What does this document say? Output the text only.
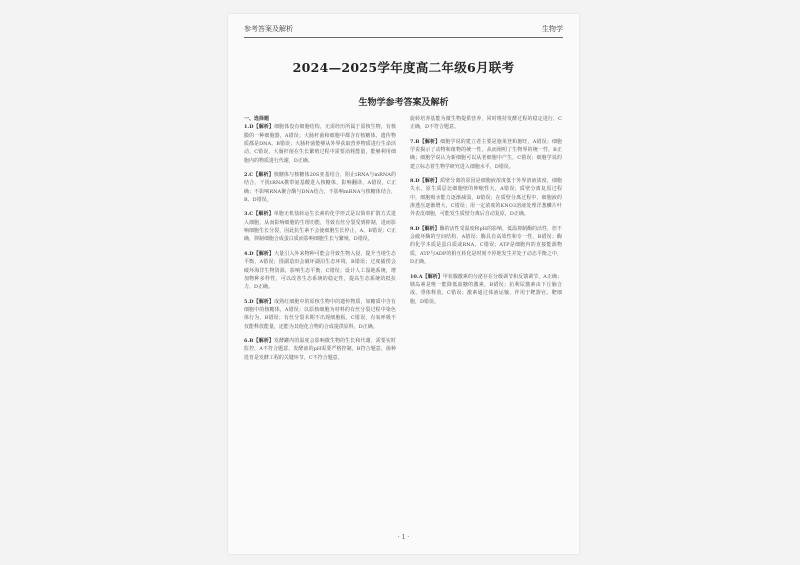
参考答案及解析	生物学
2024—2025学年度高二年级6月联考
生物学参考答案及解析
一、选择题
1.D【解析】细胞体没有细胞结构，无需经历所属于原核生物，有核膜的一种细胞器，A错误；大肠杆菌和细胞中都含有核糖体，遗传物质都是DNA，B错误；大肠杆菌能够从外界获取营养物质进行生命活动，C错误，大肠杆菌在生长繁殖过程中需要消耗能量，能够利用细胞内的物质进行代谢，D正确。
2.C【解析】核糖体与核糖体20S亚基结合，阻止tRNA与mRNA的结合，干扰tRNA携带氨基酸进入核糖体，影响翻译，A错误，C正确；不影响RNA聚合酶与DNA结合，不影响mRNA与核糖体结合，B、D错误。
3.C【解析】单胞无机盐转运生长素的化学形式是以简单扩散方式进入细胞，从而影响细胞的生理功能，导致有丝分裂受到抑制，进而影响细胞生长分裂，因此抗生素不会使细胞生长停止，A、B错误；C正确，抑制细胞合成蛋白质而影响细胞生长与繁殖，D错误。
4.D【解析】大量引入外来物种可能会导致生物入侵，提升当地生态平衡，A错误；围湖造田会破坏湖泊生态环境，B错误；过度捕捞会破坏海洋生物资源，影响生态平衡，C错误；设计人工湿地系统，增加物种多样性，可以改善生态系统的稳定性，提高生态系统的抵抗力，D正确。
5.D【解析】成熟红细胞中的原核生物中的遗传物质，如糖质中含有细胞中的核糖体，A错误；以原核细胞为材料的有丝分裂过程中染色体行为，B错误；有丝分裂末期不出现细胞板，C错误，有氧呼吸不仅能释放能量，还能为其他化合物的合成提供原料，D正确。
6.B【解析】发酵罐内的温度会影响微生物的生长和代谢，需要实时监控，A不符合题意，发酵液的pH需要严格控制，B符合题意，菌种选育是发酵工程的关键环节，C不符合题意。
旋转培养基能为微生物提供营养，同时维持发酵过程的稳定进行，C正确，D不符合题意。
7.B【解析】细胞学说的建立者主要是施莱登和施旺，A错误；细胞学说揭示了动物和植物的统一性，从而阐明了生物界的统一性，B正确；细胞学说认为新细胞可以从老细胞中产生，C错误；细胞学说的建立标志着生物学研究进入细胞水平，D错误。
8.D【解析】质壁分离的原因是细胞液浓度低于外界溶液浓度，细胞失水，原生质层比细胞壁的伸缩性大，A错误；质壁分离复原过程中，细胞吸水能力逐渐减弱，B错误；在质壁分离过程中，细胞液的渗透压逐渐增大，C错误；用一定浓度的KNO3溶液处理洋葱鳞片叶外表皮细胞，可能发生质壁分离后自动复原，D正确。
9.D【解析】酶的活性受温度和pH的影响，低温抑制酶的活性，但不会破坏酶的空间结构，A错误；酶具有高效性和专一性，B错误；酶的化学本质是蛋白质或RNA，C错误；ATP是细胞内的直接能源物质，ATP与ADP的相互转化是时刻不停地发生并处于动态平衡之中，D正确。
10.A【解析】甲状腺激素的分泌存在分级调节和反馈调节，A正确；胰岛素是唯一能降低血糖的激素，B错误；抗利尿激素由下丘脑合成、垂体释放，C错误；激素通过体液运输，作用于靶器官、靶细胞，D错误。
· 1 ·
